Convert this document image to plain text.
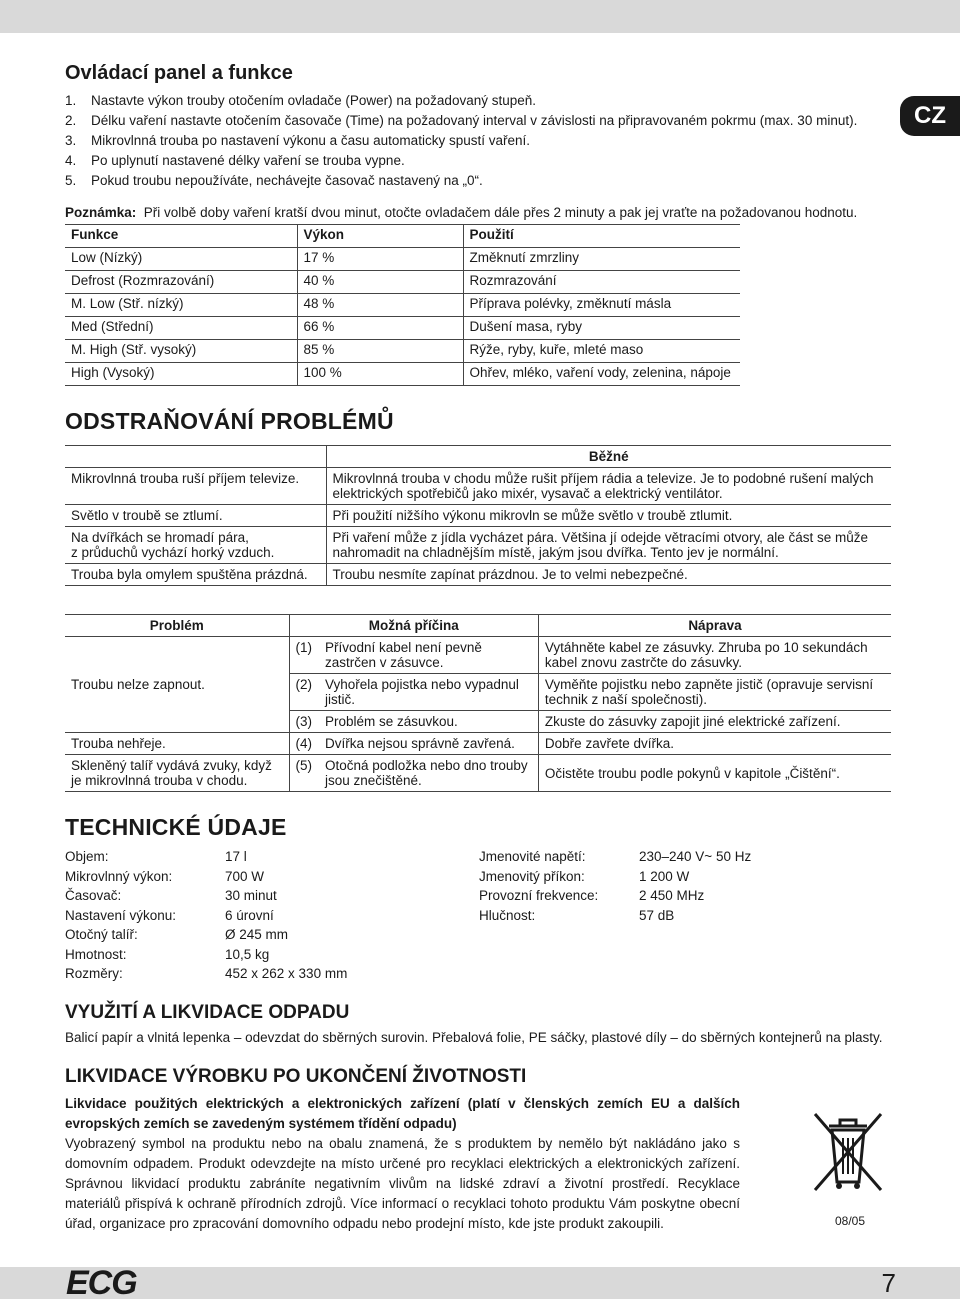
CZ
Ovládací panel a funkce
1. Nastavte výkon trouby otočením ovladače (Power) na požadovaný stupeň.
2. Délku vaření nastavte otočením časovače (Time) na požadovaný interval v závislosti na připravovaném pokrmu (max. 30 minut).
3. Mikrovlnná trouba po nastavení výkonu a času automaticky spustí vaření.
4. Po uplynutí nastavené délky vaření se trouba vypne.
5. Pokud troubu nepoužíváte, nechávejte časovač nastavený na „0“.

Poznámka: Při volbě doby vaření kratší dvou minut, otočte ovladačem dále přes 2 minuty a pak jej vraťte na požadovanou hodnotu.

Funkce	Výkon	Použití
Low (Nízký)	17 %	Změknutí zmrzliny
Defrost (Rozmrazování)	40 %	Rozmrazování
M. Low (Stř. nízký)	48 %	Příprava polévky, změknutí másla
Med (Střední)	66 %	Dušení masa, ryby
M. High (Stř. vysoký)	85 %	Rýže, ryby, kuře, mleté maso
High (Vysoký)	100 %	Ohřev, mléko, vaření vody, zelenina, nápoje
ODSTRAŇOVÁNÍ PROBLÉMŮ
	Běžné
Mikrovlnná trouba ruší příjem televize.	Mikrovlnná trouba v chodu může rušit příjem rádia a televize. Je to podobné rušení malých elektrických spotřebičů jako mixér, vysavač a elektrický ventilátor.
Světlo v troubě se ztlumí.	Při použití nižšího výkonu mikrovln se může světlo v troubě ztlumit.
Na dvířkách se hromadí pára,
z průduchů vychází horký vzduch.	Při vaření může z jídla vycházet pára. Většina jí odejde větracími otvory, ale část se může nahromadit na chladnějším místě, jakým jsou dvířka. Tento jev je normální.
Trouba byla omylem spuštěna prázdná.	Troubu nesmíte zapínat prázdnou. Je to velmi nebezpečné.
Problém	Možná příčina		Náprava
Troubu nelze zapnout.	(1)	Přívodní kabel není pevně zastrčen v zásuvce.	Vytáhněte kabel ze zásuvky. Zhruba po 10 sekundách kabel znovu zastrčte do zásuvky.
	(2)	Vyhořela pojistka nebo vypadnul jistič.	Vyměňte pojistku nebo zapněte jistič (opravuje servisní technik z naší společnosti).
	(3)	Problém se zásuvkou.	Zkuste do zásuvky zapojit jiné elektrické zařízení.
Trouba nehřeje.	(4)	Dvířka nejsou správně zavřená.	Dobře zavřete dvířka.
Skleněný talíř vydává zvuky, když je mikrovlnná trouba v chodu.	(5)	Otočná podložka nebo dno trouby jsou znečištěné.	Očistěte troubu podle pokynů v kapitole „Čištění“.
TECHNICKÉ ÚDAJE
Objem:	17 l
Mikrovlnný výkon:	700 W
Časovač:	30 minut
Nastavení výkonu:	6 úrovní
Otočný talíř:	Ø 245 mm
Hmotnost:	10,5 kg
Rozměry:	452 x 262 x 330 mm
Jmenovité napětí:	230–240 V~ 50 Hz
Jmenovitý příkon:	1 200 W
Provozní frekvence:	2 450 MHz
Hlučnost:	57 dB
VYUŽITÍ A LIKVIDACE ODPADU

Balicí papír a vlnitá lepenka – odevzdat do sběrných surovin. Přebalová folie, PE sáčky, plastové díly – do sběrných kontejnerů na plasty.

LIKVIDACE VÝROBKU PO UKONČENÍ ŽIVOTNOSTI

Likvidace použitých elektrických a elektronických zařízení (platí v členských zemích EU a dalších evropských zemích se zavedeným systémem třídění odpadu)

Vyobrazený symbol na produktu nebo na obalu znamená, že s produktem by nemělo být nakládáno jako s domovním odpadem. Produkt odevzdejte na místo určené pro recyklaci elektrických a elektronických zařízení. Správnou likvidací produktu zabráníte negativním vlivům na lidské zdraví a životní prostředí. Recyklace materiálů přispívá k ochraně přírodních zdrojů. Více informací o recyklaci tohoto produktu Vám poskytne obecní úřad, organizace pro zpracování domovního odpadu nebo prodejní místo, kde jste produkt zakoupili.	08/05
ECG	7
